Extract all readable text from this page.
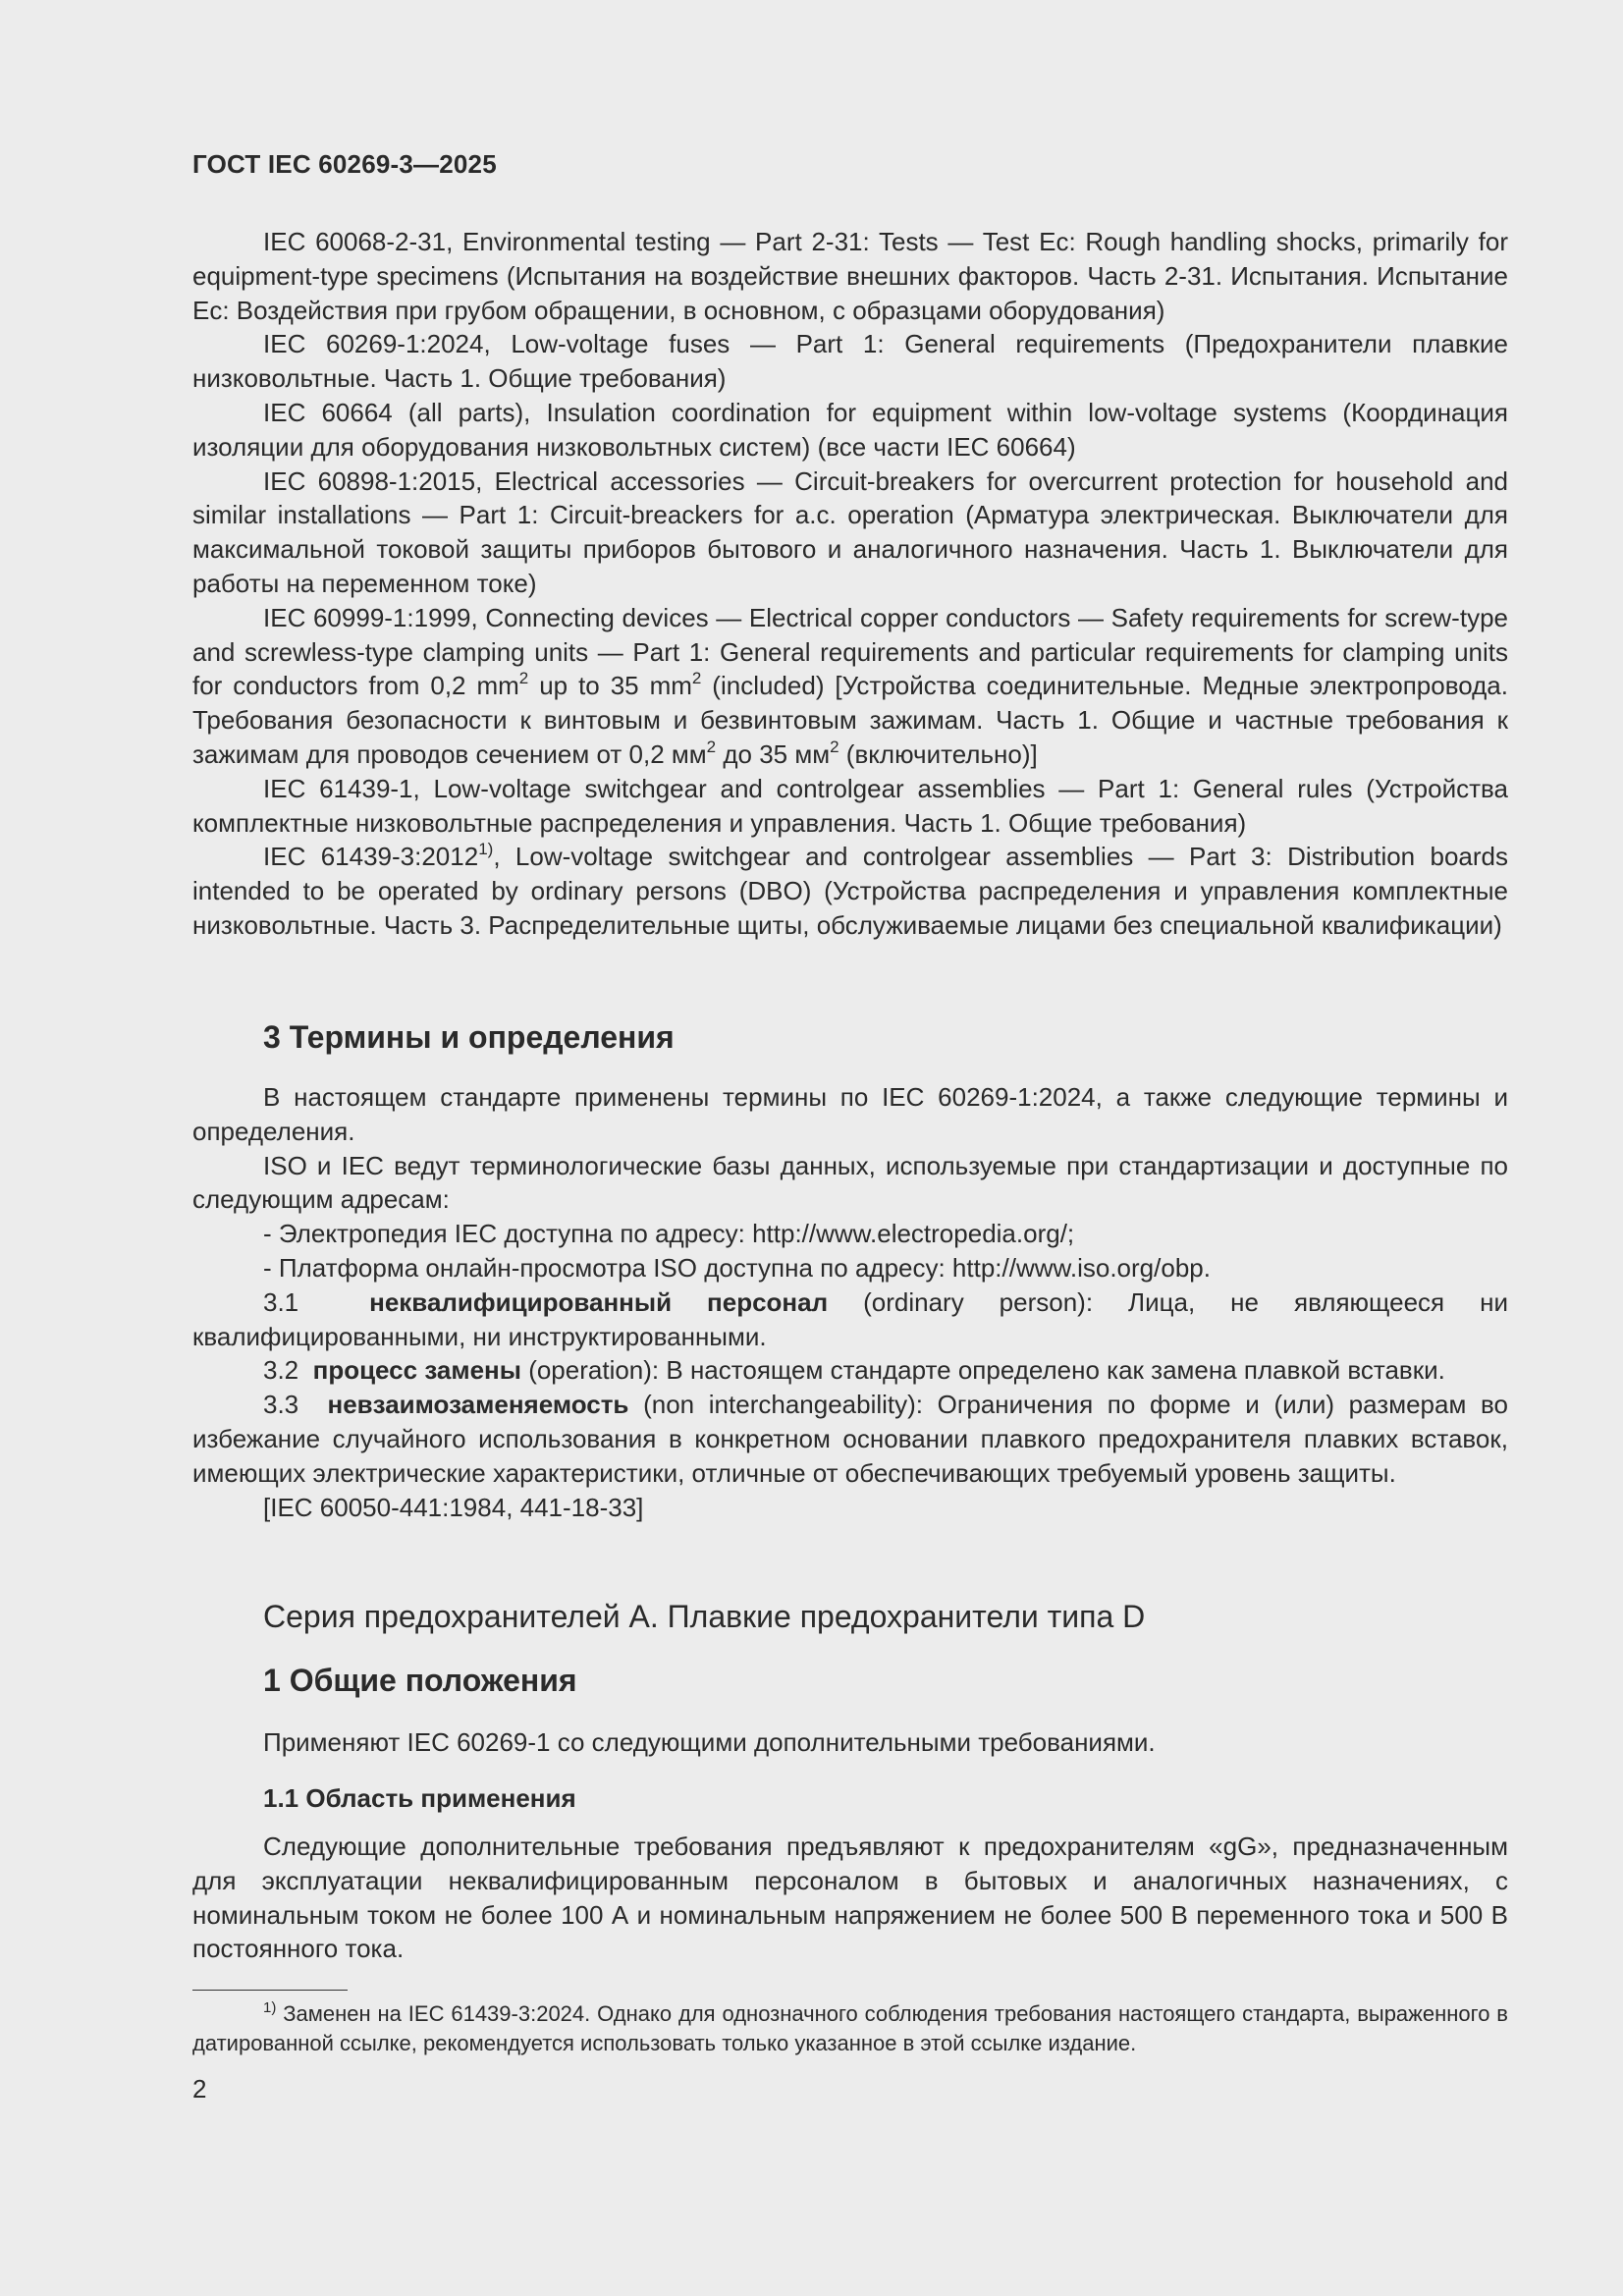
ГОСТ IEC 60269-3—2025

IEC 60068-2-31, Environmental testing — Part 2-31: Tests — Test Ec: Rough handling shocks, primarily for equipment-type specimens (Испытания на воздействие внешних факторов. Часть 2-31. Испытания. Испытание Ec: Воздействия при грубом обращении, в основном, с образцами оборудования)

IEC 60269-1:2024, Low-voltage fuses — Part 1: General requirements (Предохранители плавкие низковольтные. Часть 1. Общие требования)

IEC 60664 (all parts), Insulation coordination for equipment within low-voltage systems (Координация изоляции для оборудования низковольтных систем) (все части IEC 60664)

IEC 60898-1:2015, Electrical accessories — Circuit-breakers for overcurrent protection for household and similar installations — Part 1: Circuit-breackers for a.c. operation (Арматура электрическая. Выключатели для максимальной токовой защиты приборов бытового и аналогичного назначения. Часть 1. Выключатели для работы на переменном токе)

IEC 60999-1:1999, Connecting devices — Electrical copper conductors — Safety requirements for screw-type and screwless-type clamping units — Part 1: General requirements and particular requirements for clamping units for conductors from 0,2 $mm^2$ up to 35 $mm^2$ (included) [Устройства соединительные. Медные электропровода. Требования безопасности к винтовым и безвинтовым зажимам. Часть 1. Общие и частные требования к зажимам для проводов сечением от 0,2 $мм^2$ до 35 $мм^2$ (включительно)]

IEC 61439-1, Low-voltage switchgear and controlgear assemblies — Part 1: General rules (Устройства комплектные низковольтные распределения и управления. Часть 1. Общие требования)

IEC 61439-3:2012$^{1)}$, Low-voltage switchgear and controlgear assemblies — Part 3: Distribution boards intended to be operated by ordinary persons (DBO) (Устройства распределения и управления комплектные низковольтные. Часть 3. Распределительные щиты, обслуживаемые лицами без специальной квалификации)

3 Термины и определения

В настоящем стандарте применены термины по IEC 60269-1:2024, а также следующие термины и определения.

ISO и IEC ведут терминологические базы данных, используемые при стандартизации и доступные по следующим адресам:

- Электропедия IEC доступна по адресу: http://www.electropedia.org/;

- Платформа онлайн-просмотра ISO доступна по адресу: http://www.iso.org/obp.

3.1	неквалифицированный персонал (ordinary person): Лица, не являющееся ни квалифицированными, ни инструктированными.

3.2 процесс замены (operation): В настоящем стандарте определено как замена плавкой вставки.

3.3 невзаимозаменяемость (non interchangeability): Ограничения по форме и (или) размерам во избежание случайного использования в конкретном основании плавкого предохранителя плавких вставок, имеющих электрические характеристики, отличные от обеспечивающих требуемый уровень защиты.

[IEC 60050-441:1984, 441-18-33]

Серия предохранителей A. Плавкие предохранители типа D
1 Общие положения

Применяют IEC 60269-1 со следующими дополнительными требованиями.

1.1 Область применения

Следующие дополнительные требования предъявляют к предохранителям «gG», предназначенным для эксплуатации неквалифицированным персоналом в бытовых и аналогичных назначениях, с номинальным током не более 100 А и номинальным напряжением не более 500 В переменного тока и 500 В постоянного тока.

$^{1)}$ Заменен на IEC 61439-3:2024. Однако для однозначного соблюдения требования настоящего стандарта, выраженного в датированной ссылке, рекомендуется использовать только указанное в этой ссылке издание.

2
